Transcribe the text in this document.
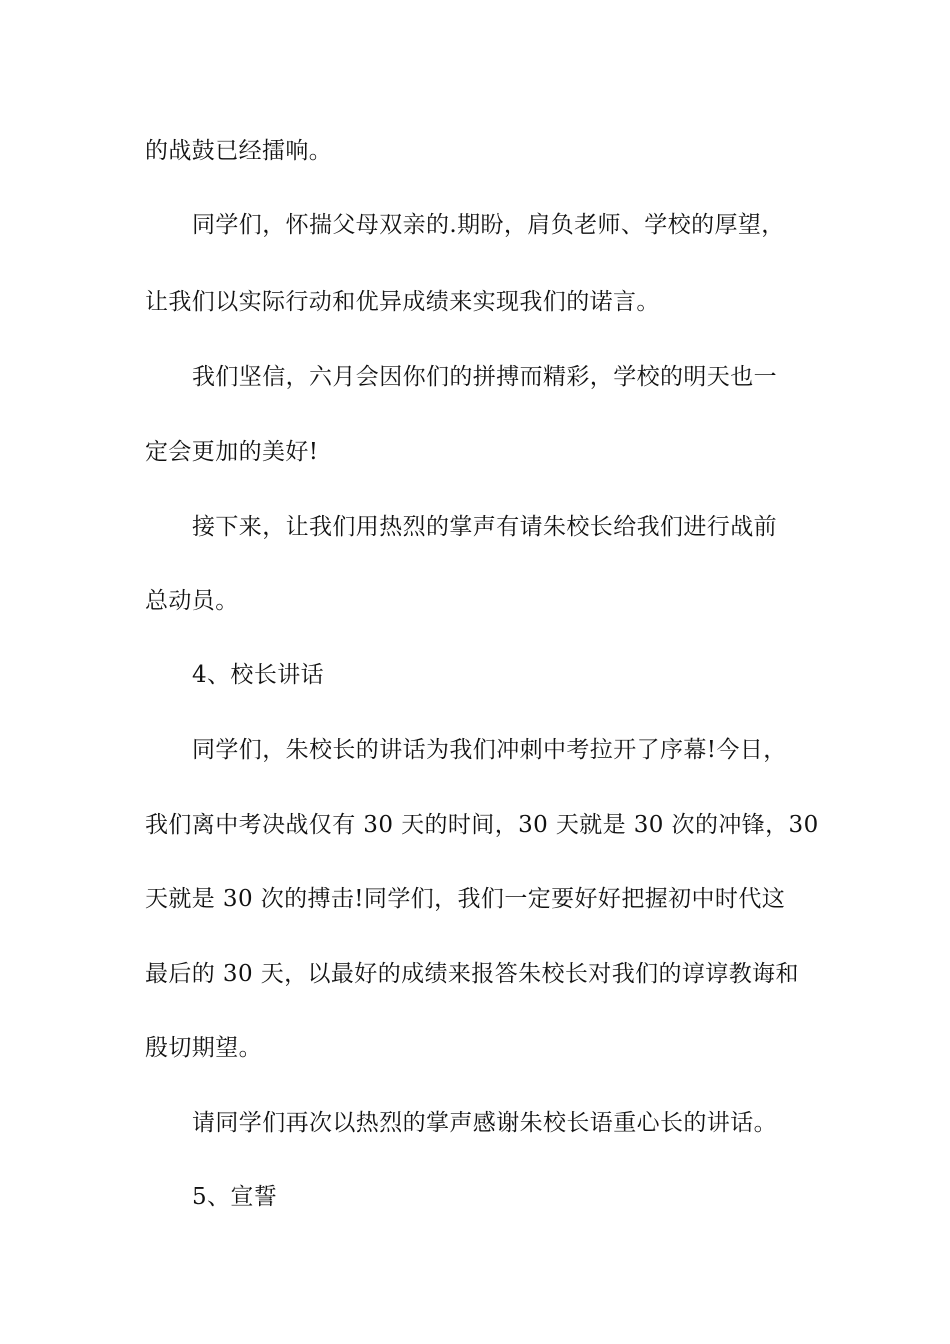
的战鼓已经擂响。
同学们，怀揣父母双亲的.期盼，肩负老师、学校的厚望，
让我们以实际行动和优异成绩来实现我们的诺言。
我们坚信，六月会因你们的拼搏而精彩，学校的明天也一
定会更加的美好!
接下来，让我们用热烈的掌声有请朱校长给我们进行战前
总动员。
4、校长讲话
同学们，朱校长的讲话为我们冲刺中考拉开了序幕!今日，
我们离中考决战仅有 30 天的时间，30 天就是 30 次的冲锋，30
天就是 30 次的搏击!同学们，我们一定要好好把握初中时代这
最后的 30 天，以最好的成绩来报答朱校长对我们的谆谆教诲和
殷切期望。
请同学们再次以热烈的掌声感谢朱校长语重心长的讲话。
5、宣誓
